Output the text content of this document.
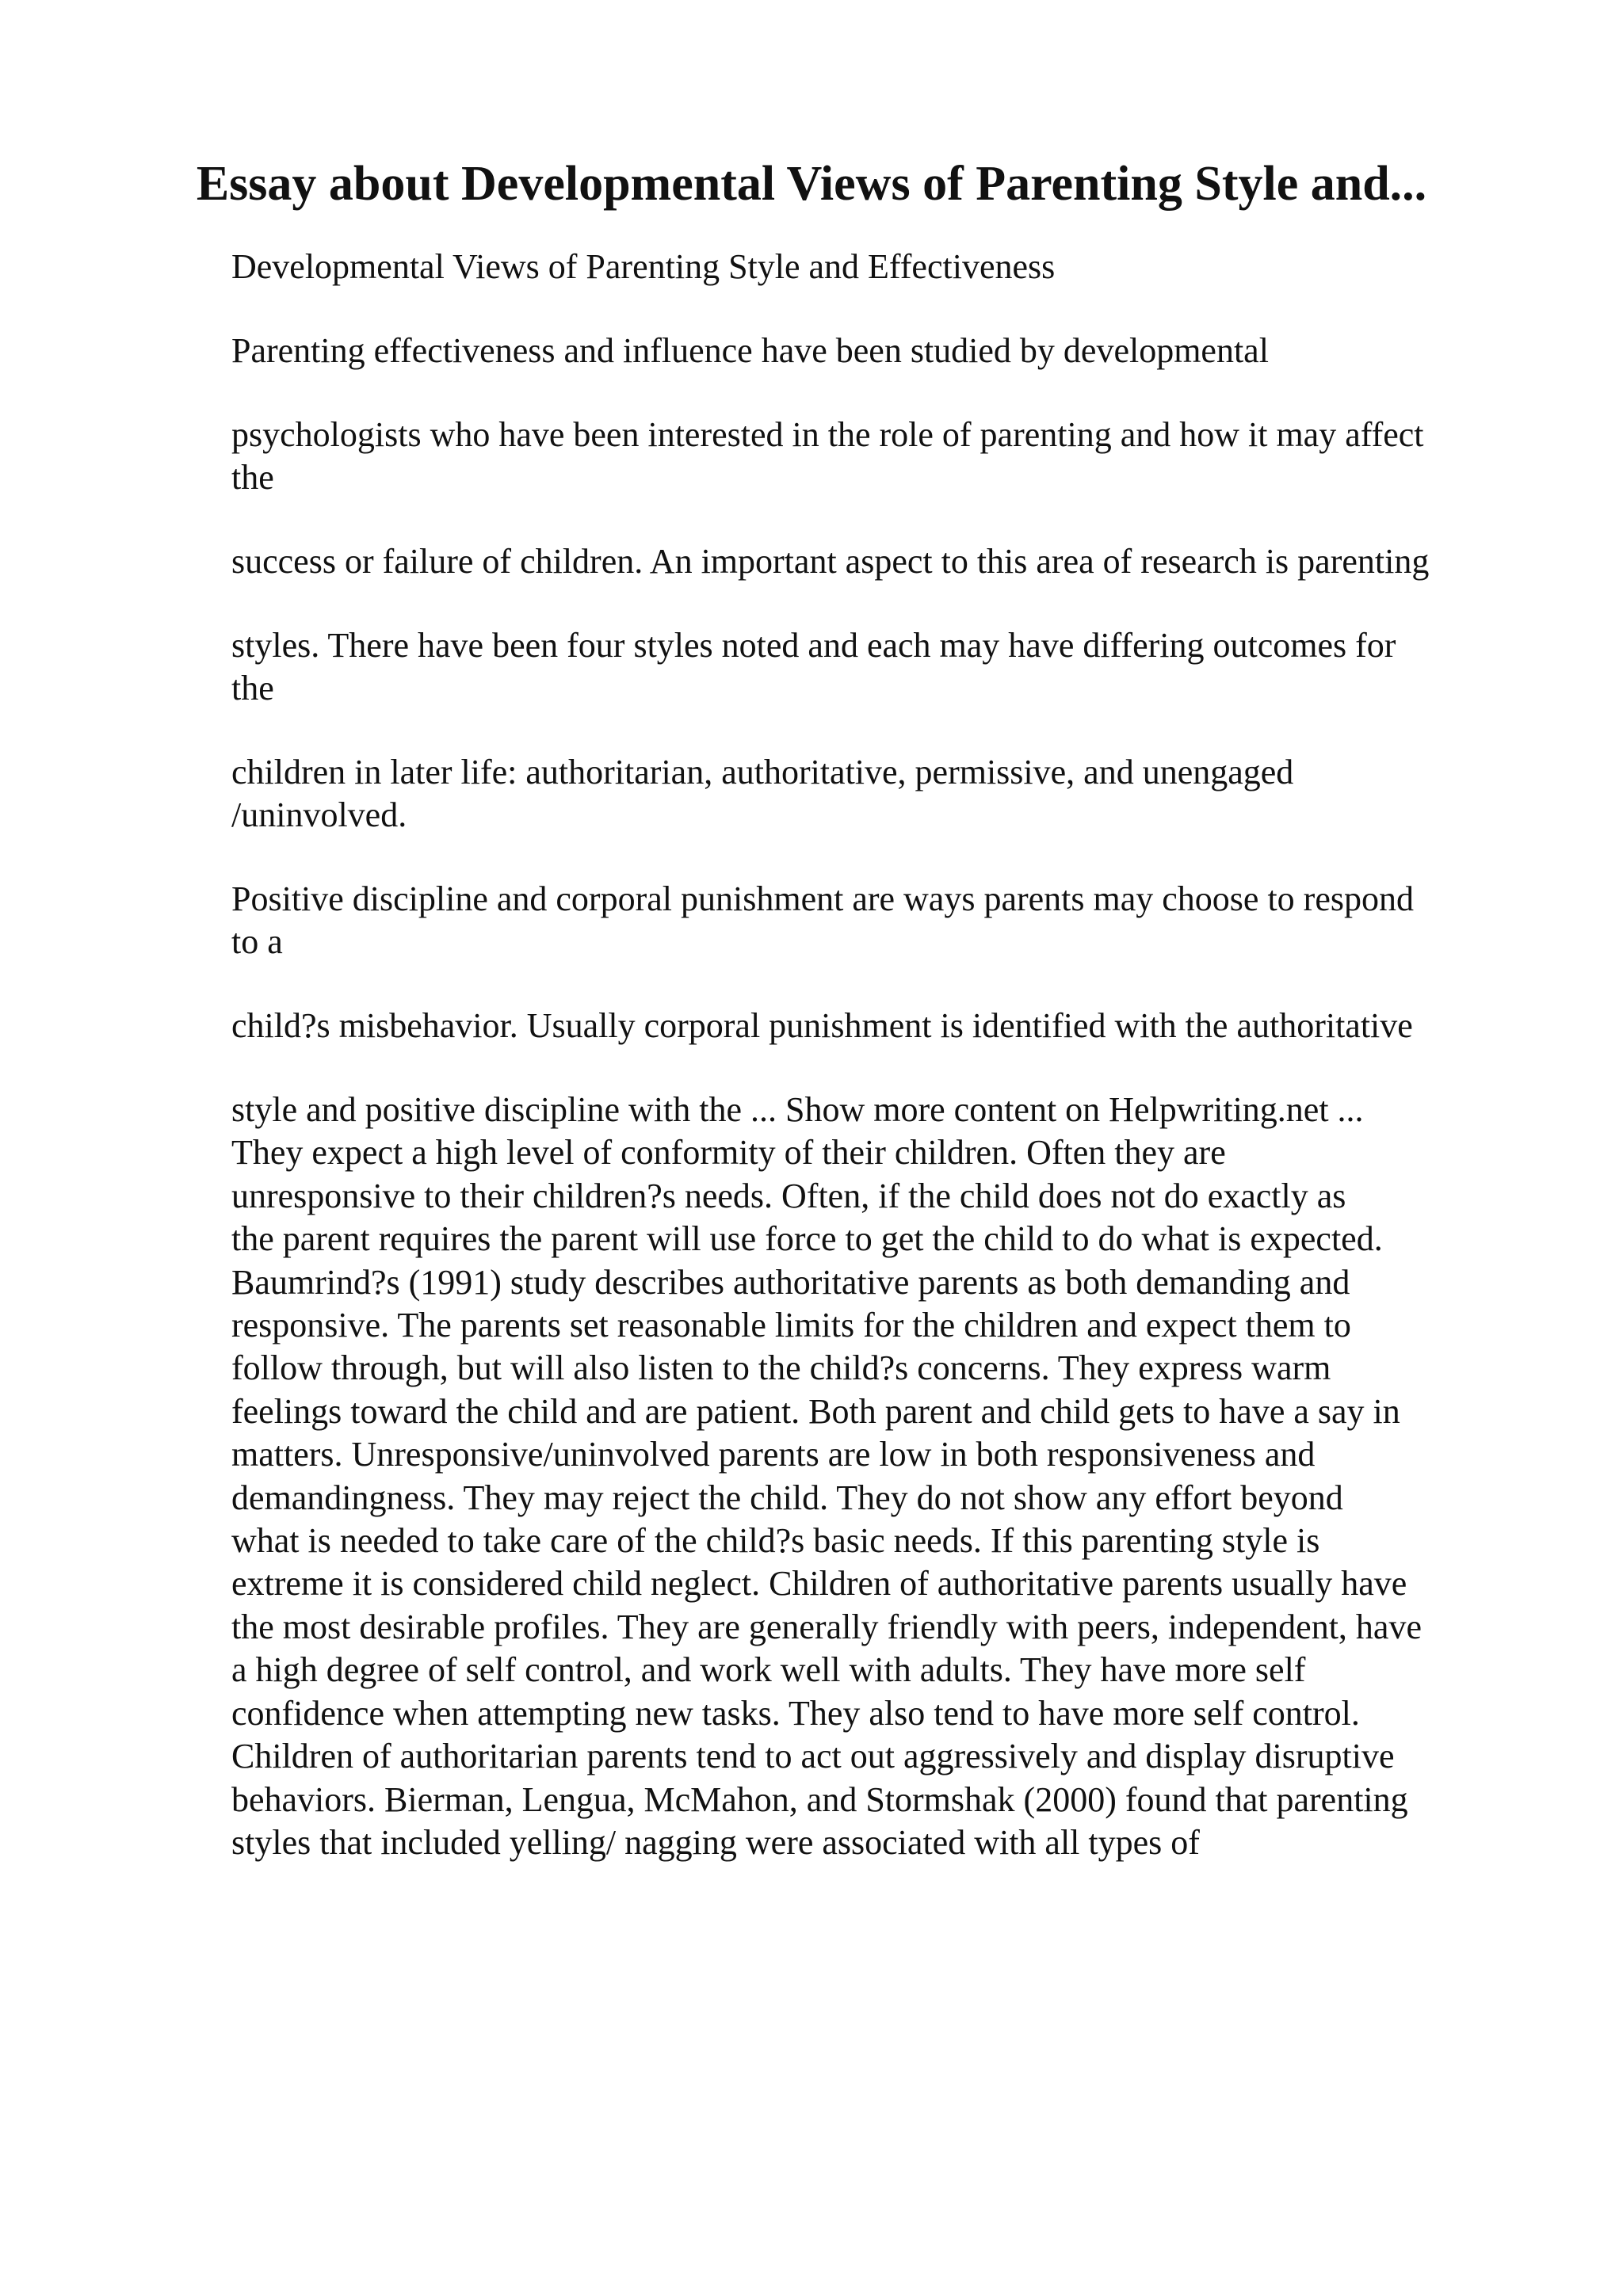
Essay about Developmental Views of Parenting Style and...

Developmental Views of Parenting Style and Effectiveness

Parenting effectiveness and influence have been studied by developmental

psychologists who have been interested in the role of parenting and how it may affect
the

success or failure of children. An important aspect to this area of research is parenting

styles. There have been four styles noted and each may have differing outcomes for
the

children in later life: authoritarian, authoritative, permissive, and unengaged
/uninvolved.

Positive discipline and corporal punishment are ways parents may choose to respond
to a

child?s misbehavior. Usually corporal punishment is identified with the authoritative

style and positive discipline with the ... Show more content on Helpwriting.net ...
They expect a high level of conformity of their children. Often they are
unresponsive to their children?s needs. Often, if the child does not do exactly as
the parent requires the parent will use force to get the child to do what is expected.
Baumrind?s (1991) study describes authoritative parents as both demanding and
responsive. The parents set reasonable limits for the children and expect them to
follow through, but will also listen to the child?s concerns. They express warm
feelings toward the child and are patient. Both parent and child gets to have a say in
matters. Unresponsive/uninvolved parents are low in both responsiveness and
demandingness. They may reject the child. They do not show any effort beyond
what is needed to take care of the child?s basic needs. If this parenting style is
extreme it is considered child neglect. Children of authoritative parents usually have
the most desirable profiles. They are generally friendly with peers, independent, have
a high degree of self control, and work well with adults. They have more self
confidence when attempting new tasks. They also tend to have more self control.
Children of authoritarian parents tend to act out aggressively and display disruptive
behaviors. Bierman, Lengua, McMahon, and Stormshak (2000) found that parenting
styles that included yelling/ nagging were associated with all types of
